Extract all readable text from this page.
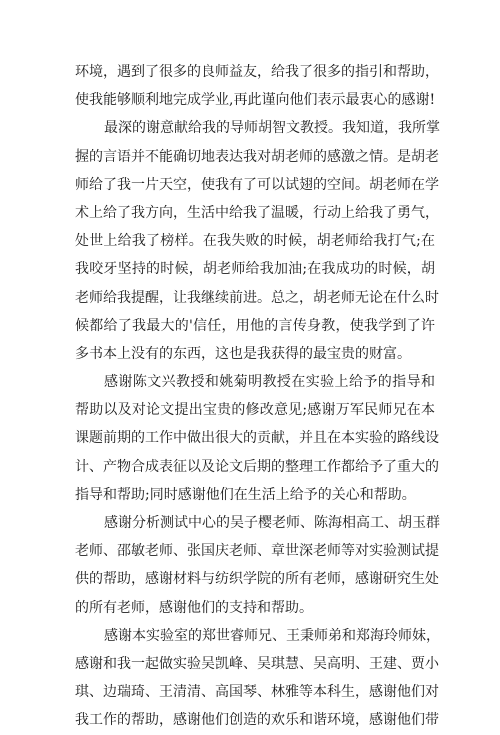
环境，遇到了很多的良师益友，给我了很多的指引和帮助，
使我能够顺利地完成学业,再此谨向他们表示最衷心的感谢!
最深的谢意献给我的导师胡智文教授。我知道，我所掌
握的言语并不能确切地表达我对胡老师的感激之情。是胡老
师给了我一片天空，使我有了可以试翅的空间。胡老师在学
术上给了我方向，生活中给我了温暖，行动上给我了勇气，
处世上给我了榜样。在我失败的时候，胡老师给我打气;在
我咬牙坚持的时候，胡老师给我加油;在我成功的时候，胡
老师给我提醒，让我继续前进。总之，胡老师无论在什么时
候都给了我最大的'信任，用他的言传身教，使我学到了许
多书本上没有的东西，这也是我获得的最宝贵的财富。
感谢陈文兴教授和姚菊明教授在实验上给予的指导和
帮助以及对论文提出宝贵的修改意见;感谢万军民师兄在本
课题前期的工作中做出很大的贡献，并且在本实验的路线设
计、产物合成表征以及论文后期的整理工作都给予了重大的
指导和帮助;同时感谢他们在生活上给予的关心和帮助。
感谢分析测试中心的吴子樱老师、陈海相高工、胡玉群
老师、邵敏老师、张国庆老师、章世深老师等对实验测试提
供的帮助，感谢材料与纺织学院的所有老师，感谢研究生处
的所有老师，感谢他们的支持和帮助。
感谢本实验室的郑世睿师兄、王秉师弟和郑海玲师妹，
感谢和我一起做实验吴凯峰、吴琪慧、吴高明、王建、贾小
琪、边瑞琦、王清清、高国琴、林雅等本科生，感谢他们对
我工作的帮助，感谢他们创造的欢乐和谐环境，感谢他们带
